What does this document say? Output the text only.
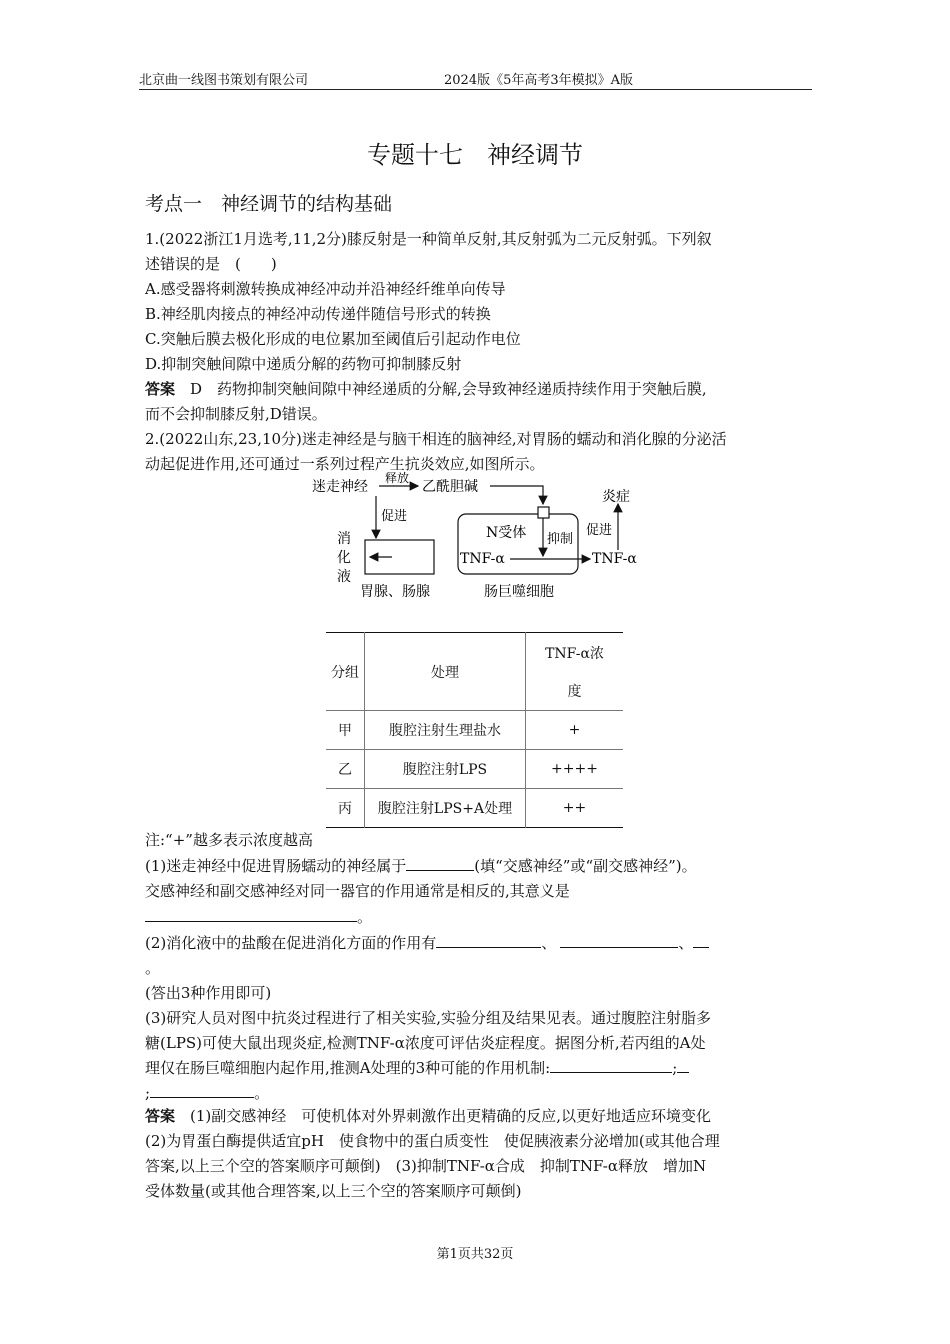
北京曲一线图书策划有限公司	2024版《5年高考3年模拟》A版
专题十七　神经调节
考点一　神经调节的结构基础
1.(2022浙江1月选考,11,2分)膝反射是一种简单反射,其反射弧为二元反射弧。下列叙
述错误的是　(　　)
A.感受器将刺激转换成神经冲动并沿神经纤维单向传导
B.神经肌肉接点的神经冲动传递伴随信号形式的转换
C.突触后膜去极化形成的电位累加至阈值后引起动作电位
D.抑制突触间隙中递质分解的药物可抑制膝反射
答案　 D　药物抑制突触间隙中神经递质的分解,会导致神经递质持续作用于突触后膜,
而不会抑制膝反射,D错误。
2.(2022山东,23,10分)迷走神经是与脑干相连的脑神经,对胃肠的蠕动和消化腺的分泌活
动起促进作用,还可通过一系列过程产生抗炎效应,如图所示。
迷走神经
释放
乙酰胆碱
促进
消
化
液
胃腺、肠腺
N受体 抑制
TNF-α	TNF-α
促进
炎症
肠巨噬细胞
分组	处理	TNF-α浓
度

甲	腹腔注射生理盐水	+
乙	腹腔注射LPS	++++
丙	腹腔注射LPS+A处理	++
注:“+”越多表示浓度越高
(1)迷走神经中促进胃肠蠕动的神经属于	(填“交感神经”或“副交感神经”)。
交感神经和副交感神经对同一器官的作用通常是相反的,其意义是
。
(2)消化液中的盐酸在促进消化方面的作用有	、	、
。
(答出3种作用即可)
(3)研究人员对图中抗炎过程进行了相关实验,实验分组及结果见表。通过腹腔注射脂多
糖(LPS)可使大鼠出现炎症,检测TNF-α浓度可评估炎症程度。据图分析,若丙组的A处
理仅在肠巨噬细胞内起作用,推测A处理的3种可能的作用机制:	;
;	。
答案　 (1)副交感神经　可使机体对外界刺激作出更精确的反应,以更好地适应环境变化
(2)为胃蛋白酶提供适宜pH　使食物中的蛋白质变性　使促胰液素分泌增加(或其他合理
答案,以上三个空的答案顺序可颠倒)　(3)抑制TNF-α合成　抑制TNF-α释放　增加N
受体数量(或其他合理答案,以上三个空的答案顺序可颠倒)
第1页共32页
